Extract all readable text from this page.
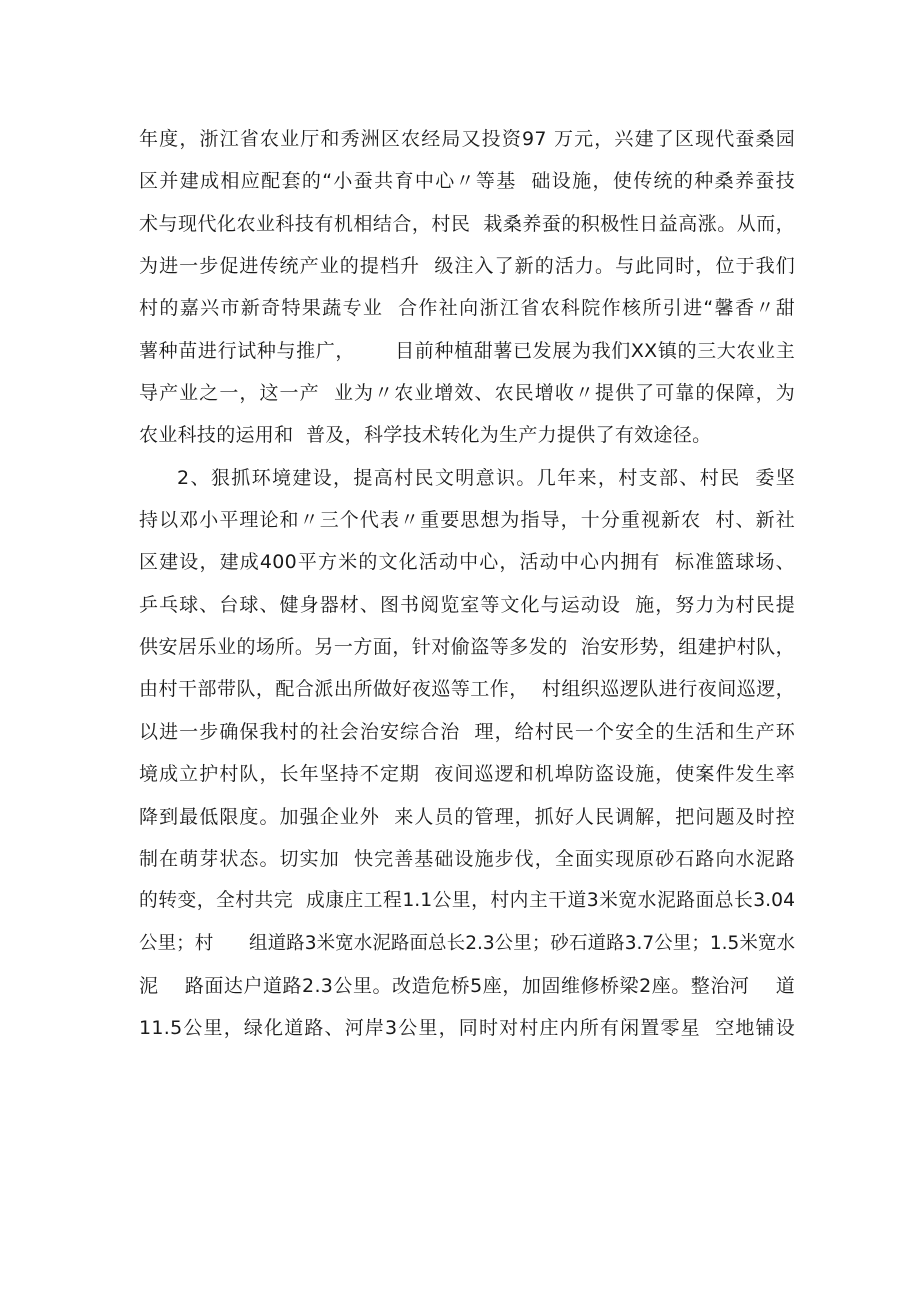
年度，浙江省农业厅和秀洲区农经局又投资97 万元，兴建了区现代蚕桑园
区并建成相应配套的“小蚕共育中心〃等基  础设施，使传统的种桑养蚕技
术与现代化农业科技有机相结合，村民  栽桑养蚕的积极性日益高涨。从而，
为进一步促进传统产业的提档升  级注入了新的活力。与此同时，位于我们
村的嘉兴市新奇特果蔬专业  合作社向浙江省农科院作核所引进“馨香〃甜
薯种苗进行试种与推广，      目前种植甜薯已发展为我们XX镇的三大农业主
导产业之一，这一产  业为〃农业增效、农民增收〃提供了可靠的保障，为
农业科技的运用和  普及，科学技术转化为生产力提供了有效途径。
2、狠抓环境建设，提高村民文明意识。几年来，村支部、村民  委坚
持以邓小平理论和〃三个代表〃重要思想为指导，十分重视新农  村、新社
区建设，建成400平方米的文化活动中心，活动中心内拥有  标准篮球场、
乒乓球、台球、健身器材、图书阅览室等文化与运动设  施，努力为村民提
供安居乐业的场所。另一方面，针对偷盗等多发的  治安形势，组建护村队，
由村干部带队，配合派出所做好夜巡等工作，  村组织巡逻队进行夜间巡逻，
以进一步确保我村的社会治安综合治  理，给村民一个安全的生活和生产环
境成立护村队，长年坚持不定期  夜间巡逻和机埠防盗设施，使案件发生率
降到最低限度。加强企业外  来人员的管理，抓好人民调解，把问题及时控
制在萌芽状态。切实加  快完善基础设施步伐，全面实现原砂石路向水泥路
的转变，全村共完  成康庄工程1.1公里，村内主干道3米宽水泥路面总长3.04
公里；村      组道路3米宽水泥路面总长2.3公里；砂石道路3.7公里；1.5米宽水
泥    路面达户道路2.3公里。改造危桥5座，加固维修桥梁2座。整治河    道
11.5公里，绿化道路、河岸3公里，同时对村庄内所有闲置零星  空地铺设
